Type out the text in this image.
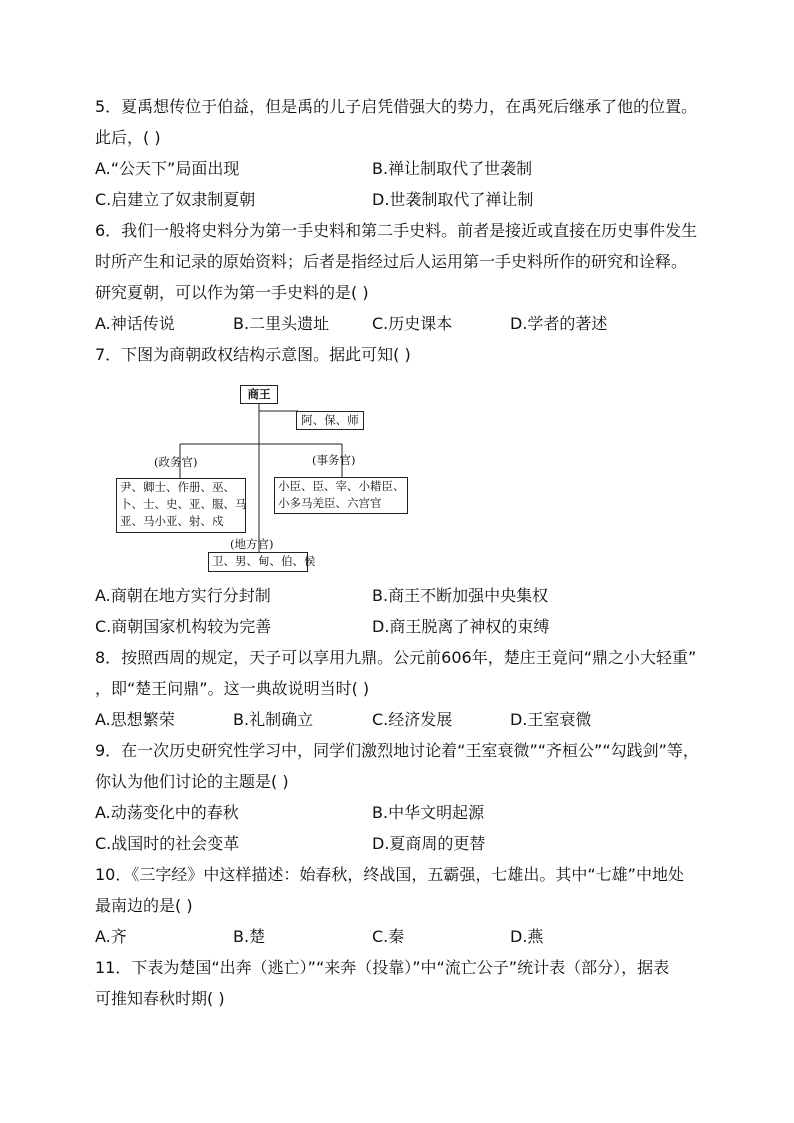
5．夏禹想传位于伯益，但是禹的儿子启凭借强大的势力，在禹死后继承了他的位置。
此后，( )
A.“公天下”局面出现	B.禅让制取代了世袭制
C.启建立了奴隶制夏朝	D.世袭制取代了禅让制
6．我们一般将史料分为第一手史料和第二手史料。前者是接近或直接在历史事件发生
时所产生和记录的原始资料；后者是指经过后人运用第一手史料所作的研究和诠释。
研究夏朝，可以作为第一手史料的是( )
A.神话传说	B.二里头遗址	C.历史课本	D.学者的著述
7．下图为商朝政权结构示意图。据此可知( )
商王
阿、保、师
(政务官)	(事务官)
尹、卿士、作册、巫、
卜、士、史、亚、服、马
亚、马小亚、射、戍
小臣、臣、宰、小耤臣、
小多马羌臣、六宫官
(地方官)
卫、男、甸、伯、侯
A.商朝在地方实行分封制	B.商王不断加强中央集权
C.商朝国家机构较为完善	D.商王脱离了神权的束缚
8．按照西周的规定，天子可以享用九鼎。公元前606年，楚庄王竟问“鼎之小大轻重”
，即“楚王问鼎”。这一典故说明当时( )
A.思想繁荣	B.礼制确立	C.经济发展	D.王室衰微
9．在一次历史研究性学习中，同学们激烈地讨论着“王室衰微”“齐桓公”“勾践剑”等，
你认为他们讨论的主题是( )
A.动荡变化中的春秋	B.中华文明起源
C.战国时的社会变革	D.夏商周的更替
10．《三字经》中这样描述：始春秋，终战国，五霸强，七雄出。其中“七雄”中地处
最南边的是( )
A.齐	B.楚	C.秦	D.燕
11．下表为楚国“出奔（逃亡）”“来奔（投靠）”中“流亡公子”统计表（部分），据表
可推知春秋时期( )
